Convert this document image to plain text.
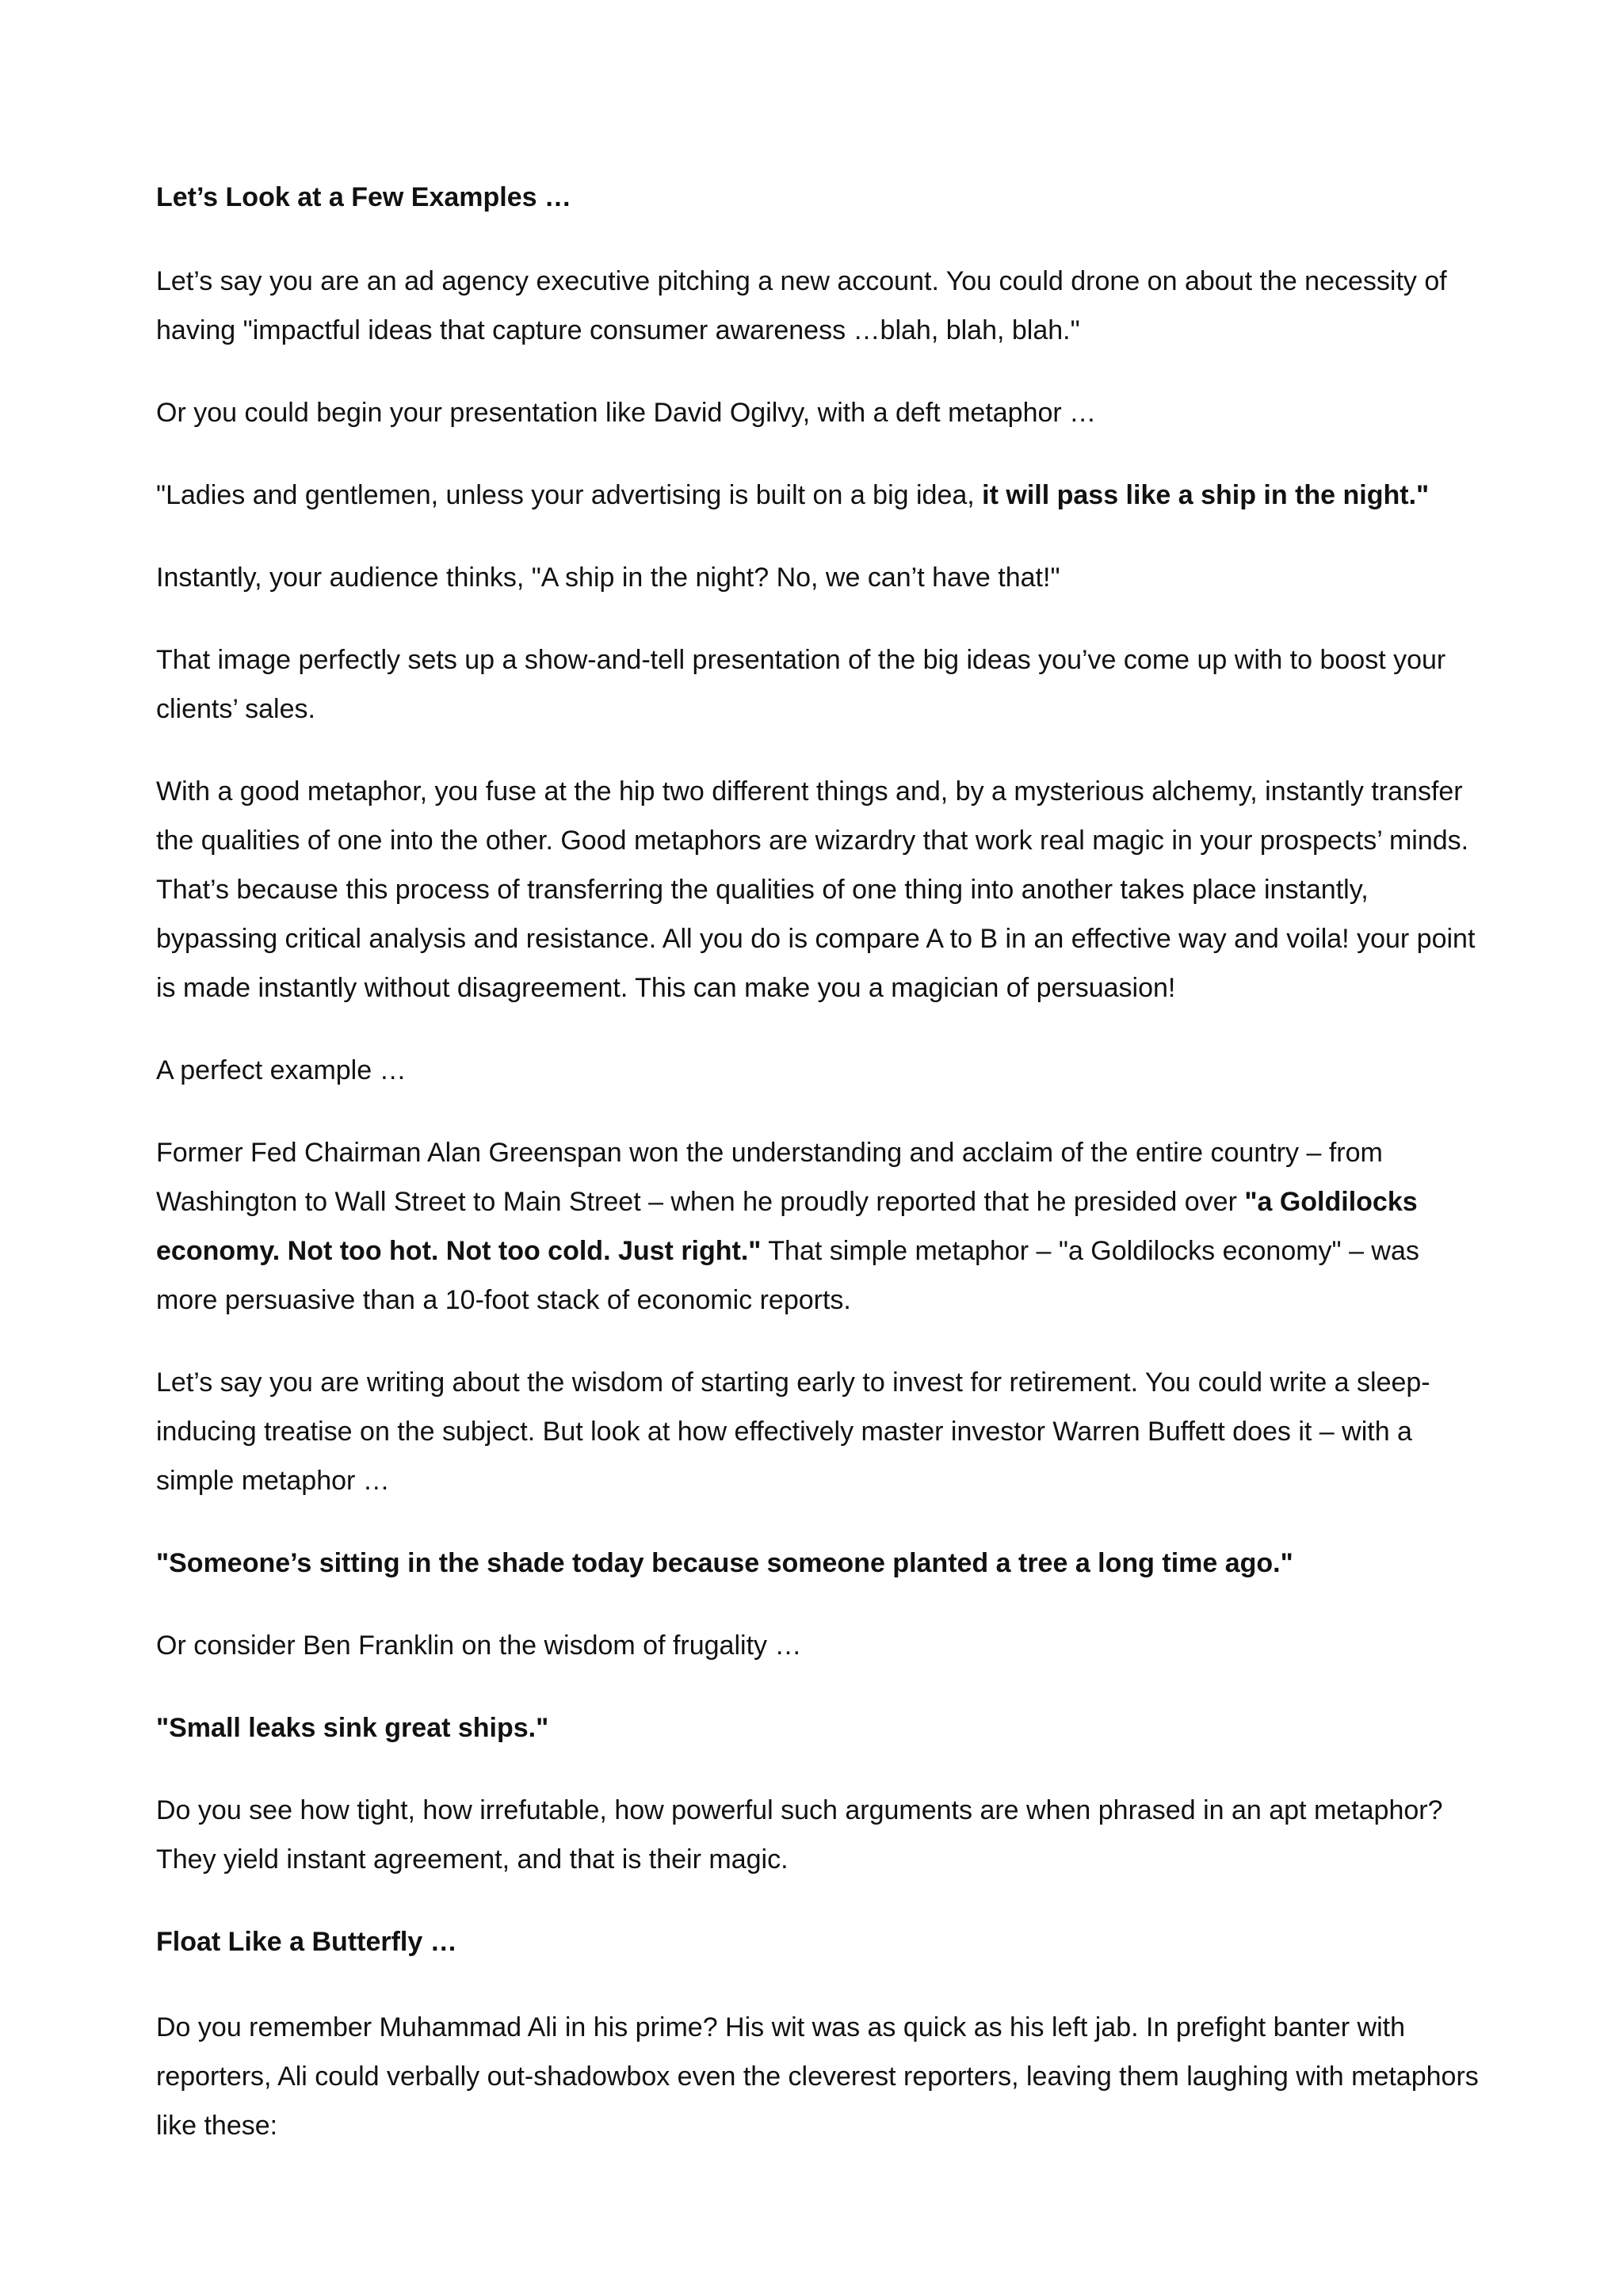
Let’s Look at a Few Examples …

Let’s say you are an ad agency executive pitching a new account. You could drone on about the necessity of having "impactful ideas that capture consumer awareness …blah, blah, blah."

Or you could begin your presentation like David Ogilvy, with a deft metaphor …

"Ladies and gentlemen, unless your advertising is built on a big idea, it will pass like a ship in the night."

Instantly, your audience thinks, "A ship in the night? No, we can’t have that!"

That image perfectly sets up a show-and-tell presentation of the big ideas you’ve come up with to boost your clients’ sales.

With a good metaphor, you fuse at the hip two different things and, by a mysterious alchemy, instantly transfer the qualities of one into the other. Good metaphors are wizardry that work real magic in your prospects’ minds. That’s because this process of transferring the qualities of one thing into another takes place instantly, bypassing critical analysis and resistance. All you do is compare A to B in an effective way and voila! your point is made instantly without disagreement. This can make you a magician of persuasion!

A perfect example …

Former Fed Chairman Alan Greenspan won the understanding and acclaim of the entire country – from Washington to Wall Street to Main Street – when he proudly reported that he presided over "a Goldilocks economy. Not too hot. Not too cold. Just right." That simple metaphor – "a Goldilocks economy" – was more persuasive than a 10-foot stack of economic reports.

Let’s say you are writing about the wisdom of starting early to invest for retirement. You could write a sleep-inducing treatise on the subject. But look at how effectively master investor Warren Buffett does it – with a simple metaphor …

"Someone’s sitting in the shade today because someone planted a tree a long time ago."

Or consider Ben Franklin on the wisdom of frugality …

"Small leaks sink great ships."

Do you see how tight, how irrefutable, how powerful such arguments are when phrased in an apt metaphor? They yield instant agreement, and that is their magic.

Float Like a Butterfly …

Do you remember Muhammad Ali in his prime? His wit was as quick as his left jab. In prefight banter with reporters, Ali could verbally out-shadowbox even the cleverest reporters, leaving them laughing with metaphors like these:
